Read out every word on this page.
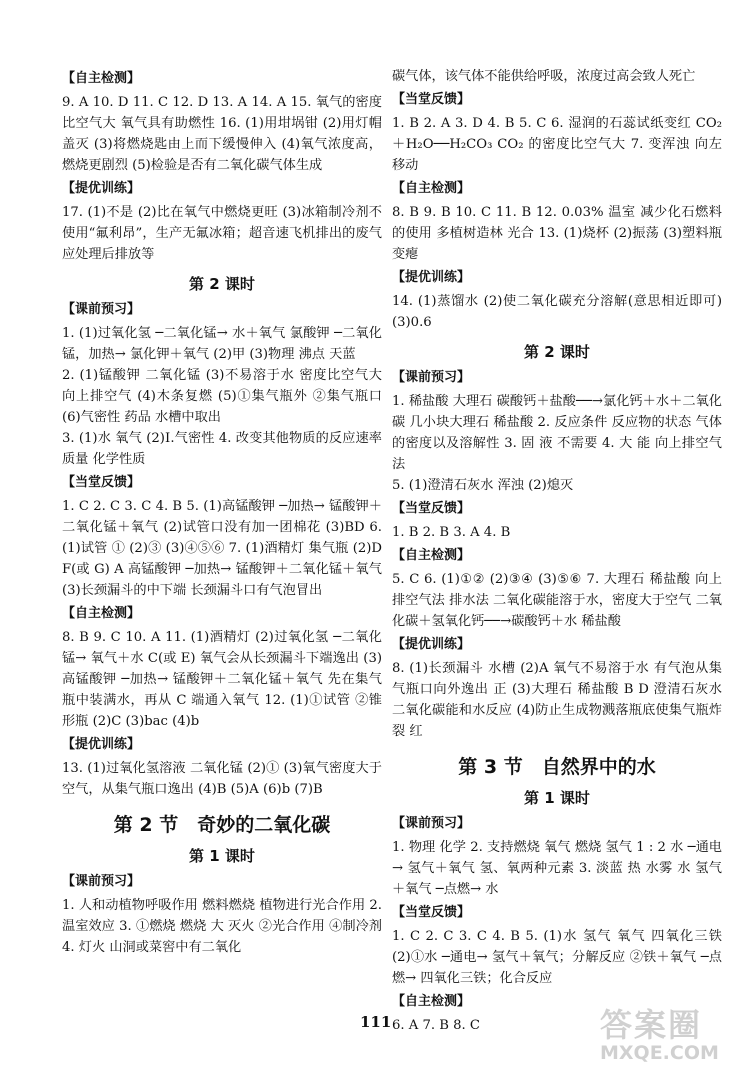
【自主检测】

9. A 10. D 11. C 12. D 13. A 14. A 15. 氧气的密度比空气大 氧气具有助燃性 16. (1)用坩埚钳 (2)用灯帽盖灭 (3)将燃烧匙由上而下缓慢伸入 (4)氧气浓度高，燃烧更剧烈 (5)检验是否有二氧化碳气体生成

【提优训练】

17. (1)不是 (2)比在氧气中燃烧更旺 (3)冰箱制冷剂不使用“氟利昂”，生产无氟冰箱；超音速飞机排出的废气应处理后排放等

第 2 课时
【课前预习】

1. (1)过氧化氢 ─二氧化锰→ 水＋氧气 氯酸钾 ─二氧化锰，加热→ 氯化钾＋氧气 (2)甲 (3)物理 沸点 天蓝

2. (1)锰酸钾 二氧化锰 (3)不易溶于水 密度比空气大 向上排空气 (4)木条复燃 (5)①集气瓶外 ②集气瓶口 (6)气密性 药品 水槽中取出

3. (1)水 氧气 (2)Ⅰ.气密性 4. 改变其他物质的反应速率 质量 化学性质

【当堂反馈】

1. C 2. C 3. C 4. B 5. (1)高锰酸钾 ─加热→ 锰酸钾＋二氧化锰＋氧气 (2)试管口没有加一团棉花 (3)BD 6. (1)试管 ① (2)③ (3)④⑤⑥ 7. (1)酒精灯 集气瓶 (2)D F(或 G) A 高锰酸钾 ─加热→ 锰酸钾＋二氧化锰＋氧气 (3)长颈漏斗的中下端 长颈漏斗口有气泡冒出

【自主检测】

8. B 9. C 10. A 11. (1)酒精灯 (2)过氧化氢 ─二氧化锰→ 氧气＋水 C(或 E) 氧气会从长颈漏斗下端逸出 (3)高锰酸钾 ─加热→ 锰酸钾＋二氧化锰＋氧气 先在集气瓶中装满水，再从 C 端通入氧气 12. (1)①试管 ②锥形瓶 (2)C (3)bac (4)b

【提优训练】

13. (1)过氧化氢溶液 二氧化锰 (2)① (3)氧气密度大于空气，从集气瓶口逸出 (4)B (5)A (6)b (7)B

第 2 节　奇妙的二氧化碳
第 1 课时
【课前预习】

1. 人和动植物呼吸作用 燃料燃烧 植物进行光合作用 2. 温室效应 3. ①燃烧 燃烧 大 灭火 ②光合作用 ④制冷剂 4. 灯火 山洞或菜窖中有二氧化

碳气体，该气体不能供给呼吸，浓度过高会致人死亡

【当堂反馈】

1. B 2. A 3. D 4. B 5. C 6. 湿润的石蕊试纸变红 CO₂＋H₂O──H₂CO₃ CO₂ 的密度比空气大 7. 变浑浊 向左移动

【自主检测】

8. B 9. B 10. C 11. B 12. 0.03% 温室 减少化石燃料的使用 多植树造林 光合 13. (1)烧杯 (2)振荡 (3)塑料瓶变瘪

【提优训练】

14. (1)蒸馏水 (2)使二氧化碳充分溶解(意思相近即可) (3)0.6

第 2 课时
【课前预习】

1. 稀盐酸 大理石 碳酸钙＋盐酸──→氯化钙＋水＋二氧化碳 几小块大理石 稀盐酸 2. 反应条件 反应物的状态 气体的密度以及溶解性 3. 固 液 不需要 4. 大 能 向上排空气法

5. (1)澄清石灰水 浑浊 (2)熄灭

【当堂反馈】

1. B 2. B 3. A 4. B

【自主检测】

5. C 6. (1)①② (2)③④ (3)⑤⑥ 7. 大理石 稀盐酸 向上排空气法 排水法 二氧化碳能溶于水，密度大于空气 二氧化碳＋氢氧化钙──→碳酸钙＋水 稀盐酸

【提优训练】

8. (1)长颈漏斗 水槽 (2)A 氧气不易溶于水 有气泡从集气瓶口向外逸出 正 (3)大理石 稀盐酸 B D 澄清石灰水 二氧化碳能和水反应 (4)防止生成物溅落瓶底使集气瓶炸裂 红

第 3 节　自然界中的水
第 1 课时
【课前预习】

1. 物理 化学 2. 支持燃烧 氧气 燃烧 氢气 1 : 2 水 ─通电→ 氢气＋氧气 氢、氧两种元素 3. 淡蓝 热 水雾 水 氢气＋氧气 ─点燃→ 水

【当堂反馈】

1. C 2. C 3. C 4. B 5. (1)水 氢气 氧气 四氧化三铁 (2)①水 ─通电→ 氢气＋氧气；分解反应 ②铁＋氧气 ─点燃→ 四氧化三铁；化合反应

【自主检测】

6. A 7. B 8. C

111	答案圈
MXQE.COM
